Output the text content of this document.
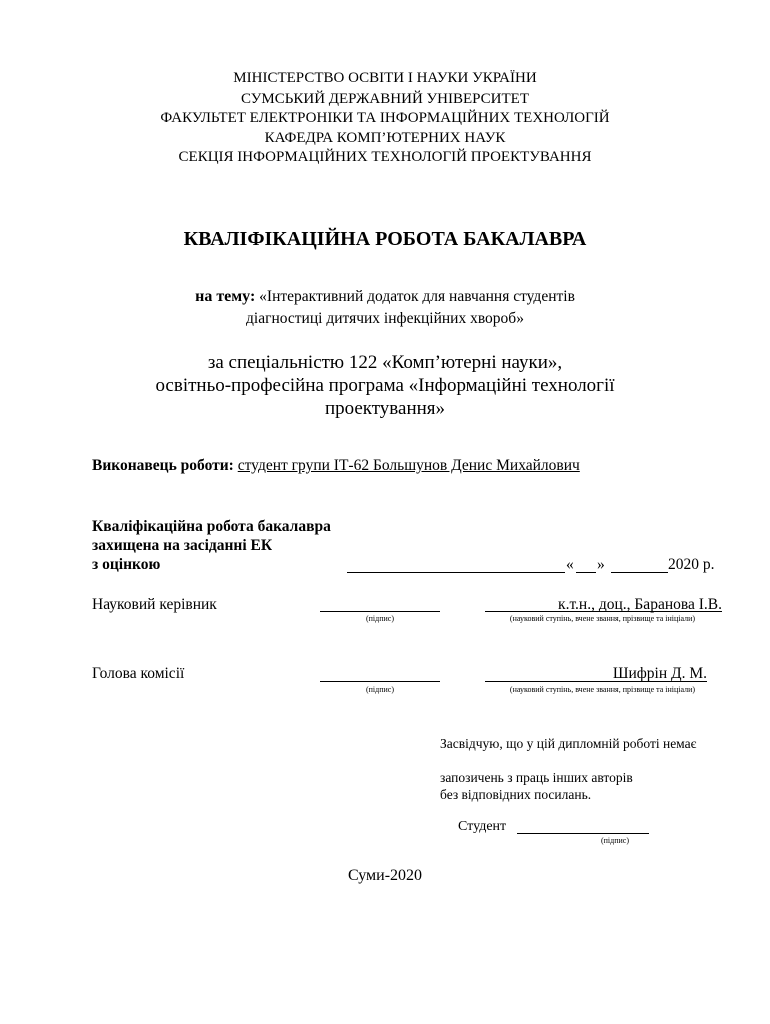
МІНІСТЕРСТВО ОСВІТИ І НАУКИ УКРАЇНИ
СУМСЬКИЙ ДЕРЖАВНИЙ УНІВЕРСИТЕТ
ФАКУЛЬТЕТ ЕЛЕКТРОНІКИ ТА ІНФОРМАЦІЙНИХ ТЕХНОЛОГІЙ
КАФЕДРА КОМП’ЮТЕРНИХ НАУК
СЕКЦІЯ ІНФОРМАЦІЙНИХ ТЕХНОЛОГІЙ ПРОЕКТУВАННЯ
КВАЛІФІКАЦІЙНА РОБОТА БАКАЛАВРА
на тему: «Інтерактивний додаток для навчання студентів
діагностиці дитячих інфекційних хвороб»
за спеціальністю 122 «Комп’ютерні науки»,
освітньо-професійна програма «Інформаційні технології
проектування»
Виконавець роботи: студент групи ІТ-62 Большунов Денис Михайлович
Кваліфікаційна робота бакалавра
захищена на засіданні ЕК
з оцінкою	« »	2020 р.
Науковий керівник
(підпис)
к.т.н., доц., Баранова І.В.
(науковий ступінь, вчене звання, прізвище та ініціали)
Голова комісії
(підпис)
Шифрін Д. М.
(науковий ступінь, вчене звання, прізвище та ініціали)
Засвідчую, що у цій дипломній роботі немає
запозичень з праць інших авторів
без відповідних посилань.
Студент
(підпис)
Суми-2020
